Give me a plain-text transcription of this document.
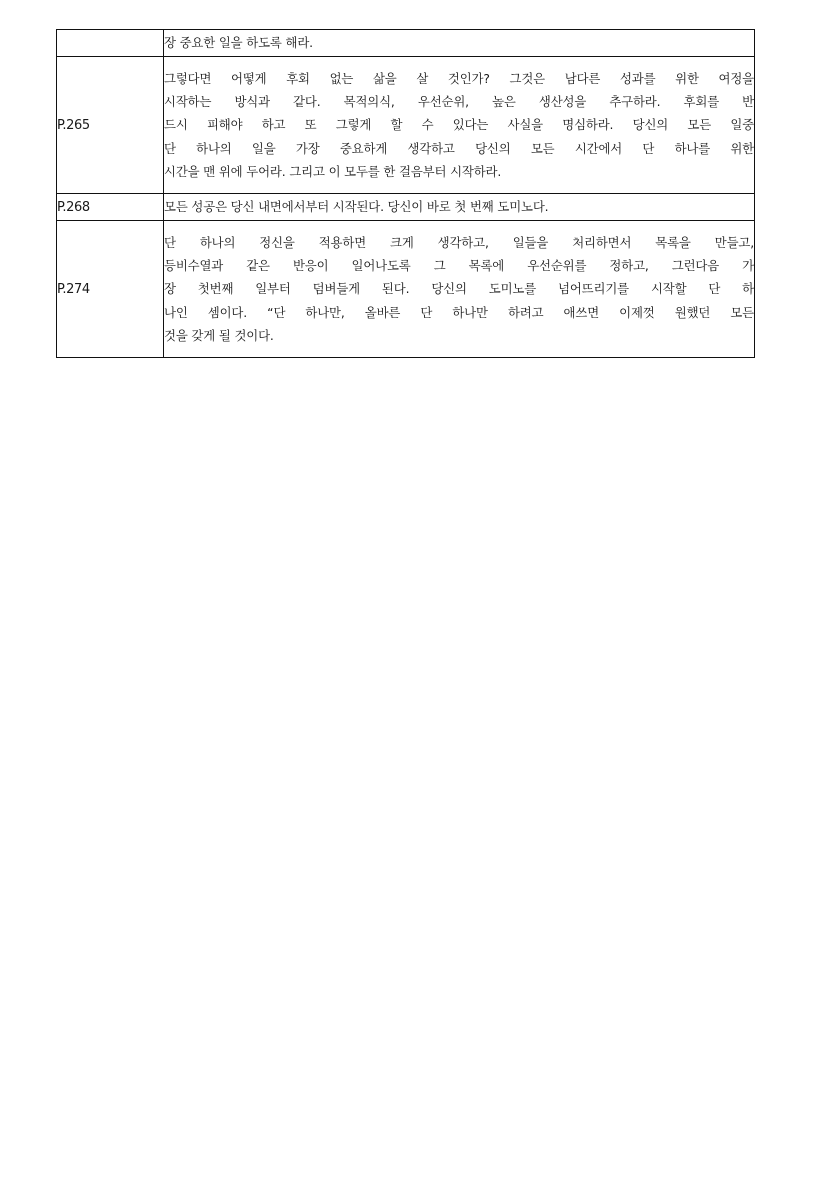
	장 중요한 일을 하도록 해라.

P.265	그렇다면 어떻게 후회 없는 삶을 살 것인가? 그것은 남다른 성과를 위한 여정을
시작하는 방식과 같다. 목적의식, 우선순위, 높은 생산성을 추구하라. 후회를 반
드시 피해야 하고 또 그렇게 할 수 있다는 사실을 명심하라. 당신의 모든 일중
단 하나의 일을 가장 중요하게 생각하고 당신의 모든 시간에서 단 하나를 위한
시간을 맨 위에 두어라. 그리고 이 모두를 한 걸음부터 시작하라.

P.268	모든 성공은 당신 내면에서부터 시작된다. 당신이 바로 첫 번째 도미노다.

P.274	단 하나의 정신을 적용하면 크게 생각하고, 일들을 처리하면서 목록을 만들고,
등비수열과 같은 반응이 일어나도록 그 목록에 우선순위를 정하고, 그런다음 가
장 첫번째 일부터 덤벼들게 된다. 당신의 도미노를 넘어뜨리기를 시작할 단 하
나인 셈이다. “단 하나만, 올바른 단 하나만 하려고 애쓰면 이제껏 원했던 모든
것을 갖게 될 것이다.
